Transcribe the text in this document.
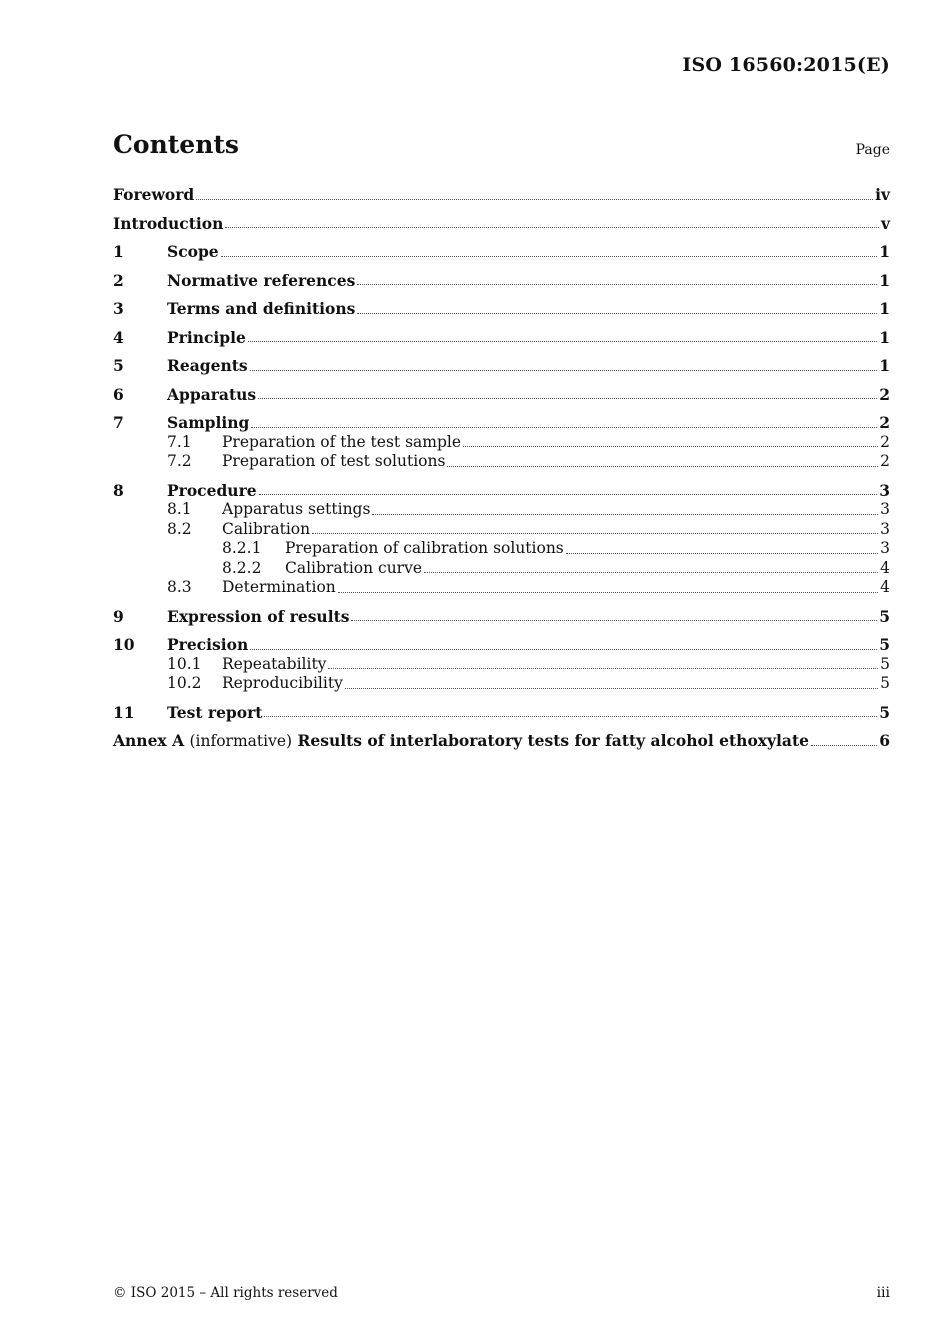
ISO 16560:2015(E)
Contents	Page
Foreword	iv
Introduction	v
1	Scope	1
2	Normative references	1
3	Terms and definitions	1
4	Principle	1
5	Reagents	1
6	Apparatus	2
7	Sampling	2
7.1	Preparation of the test sample	2
7.2	Preparation of test solutions	2
8	Procedure	3
8.1	Apparatus settings	3
8.2	Calibration	3
8.2.1	Preparation of calibration solutions	3
8.2.2	Calibration curve	4
8.3	Determination	4
9	Expression of results	5
10	Precision	5
10.1	Repeatability	5
10.2	Reproducibility	5
11	Test report	5
Annex A (informative) Results of interlaboratory tests for fatty alcohol ethoxylate	6
© ISO 2015 – All rights reserved	iii
